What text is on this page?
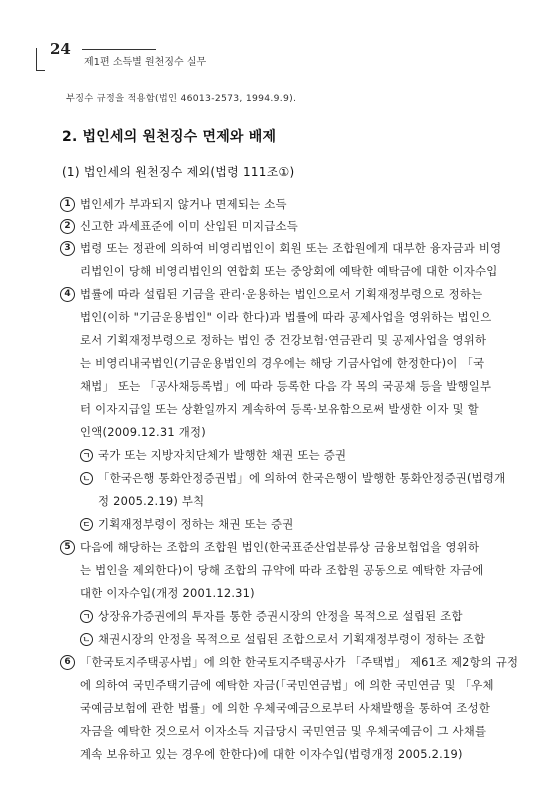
24
제1편 소득별 원천징수 실무
부징수 규정을 적용함(법인 46013-2573, 1994.9.9).
2. 법인세의 원천징수 면제와 배제
(1) 법인세의 원천징수 제외(법령 111조①)
1 법인세가 부과되지 않거나 면제되는 소득
2 신고한 과세표준에 이미 산입된 미지급소득
3 법령 또는 정관에 의하여 비영리법인이 회원 또는 조합원에게 대부한 융자금과 비영
리법인이 당해 비영리법인의 연합회 또는 중앙회에 예탁한 예탁금에 대한 이자수입
4 법률에 따라 설립된 기금을 관리·운용하는 법인으로서 기획재정부령으로 정하는
법인(이하 "기금운용법인" 이라 한다)과 법률에 따라 공제사업을 영위하는 법인으
로서 기획재정부령으로 정하는 법인 중 건강보험·연금관리 및 공제사업을 영위하
는 비영리내국법인(기금운용법인의 경우에는 해당 기금사업에 한정한다)이 「국
채법」 또는 「공사채등록법」에 따라 등록한 다음 각 목의 국공채 등을 발행일부
터 이자지급일 또는 상환일까지 계속하여 등록·보유함으로써 발생한 이자 및 할
인액(2009.12.31 개정)
ㄱ 국가 또는 지방자치단체가 발행한 채권 또는 증권
ㄴ 「한국은행 통화안정증권법」에 의하여 한국은행이 발행한 통화안정증권(법령개
정 2005.2.19) 부칙
ㄷ 기획재정부령이 정하는 채권 또는 증권
5 다음에 해당하는 조합의 조합원 법인(한국표준산업분류상 금융보험업을 영위하
는 법인을 제외한다)이 당해 조합의 규약에 따라 조합원 공동으로 예탁한 자금에
대한 이자수입(개정 2001.12.31)
ㄱ 상장유가증권에의 투자를 통한 증권시장의 안정을 목적으로 설립된 조합
ㄴ 채권시장의 안정을 목적으로 설립된 조합으로서 기획재정부령이 정하는 조합
6 「한국토지주택공사법」에 의한 한국토지주택공사가 「주택법」 제61조 제2항의 규정
에 의하여 국민주택기금에 예탁한 자금(「국민연금법」에 의한 국민연금 및 「우체
국예금보험에 관한 법률」에 의한 우체국예금으로부터 사채발행을 통하여 조성한
자금을 예탁한 것으로서 이자소득 지급당시 국민연금 및 우체국예금이 그 사채를
계속 보유하고 있는 경우에 한한다)에 대한 이자수입(법령개정 2005.2.19)
